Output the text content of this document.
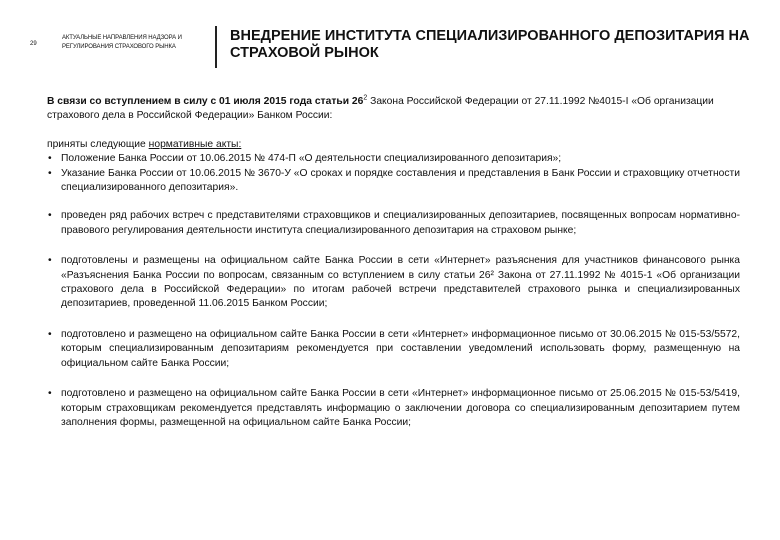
29
АКТУАЛЬНЫЕ НАПРАВЛЕНИЯ НАДЗОРА И РЕГУЛИРОВАНИЯ СТРАХОВОГО РЫНКА
ВНЕДРЕНИЕ ИНСТИТУТА СПЕЦИАЛИЗИРОВАННОГО ДЕПОЗИТАРИЯ НА СТРАХОВОЙ РЫНОК

В связи со вступлением в силу с 01 июля 2015 года статьи $26^2$ Закона Российской Федерации от 27.11.1992 №4015-I «Об организации страхового дела в Российской Федерации» Банком России:

приняты следующие нормативные акты:
• Положение Банка России от 10.06.2015 № 474-П «О деятельности специализированного депозитария»;
• Указание Банка России от 10.06.2015 № 3670-У «О сроках и порядке составления и представления в Банк России и страховщику отчетности специализированного депозитария».
• проведен ряд рабочих встреч с представителями страховщиков и специализированных депозитариев, посвященных вопросам нормативно-правового регулирования деятельности института специализированного депозитария на страховом рынке;
• подготовлены и размещены на официальном сайте Банка России в сети «Интернет» разъяснения для участников финансового рынка «Разъяснения Банка России по вопросам, связанным со вступлением в силу статьи 26² Закона от 27.11.1992 № 4015-1 «Об организации страхового дела в Российской Федерации» по итогам рабочей встречи представителей страхового рынка и специализированных депозитариев, проведенной 11.06.2015 Банком России;
• подготовлено и размещено на официальном сайте Банка России в сети «Интернет» информационное письмо от 30.06.2015 № 015-53/5572, которым специализированным депозитариям рекомендуется при составлении уведомлений использовать форму, размещенную на официальном сайте Банка России;
• подготовлено и размещено на официальном сайте Банка России в сети «Интернет» информационное письмо от 25.06.2015 № 015-53/5419, которым страховщикам рекомендуется представлять информацию о заключении договора со специализированным депозитарием путем заполнения формы, размещенной на официальном сайте Банка России;
